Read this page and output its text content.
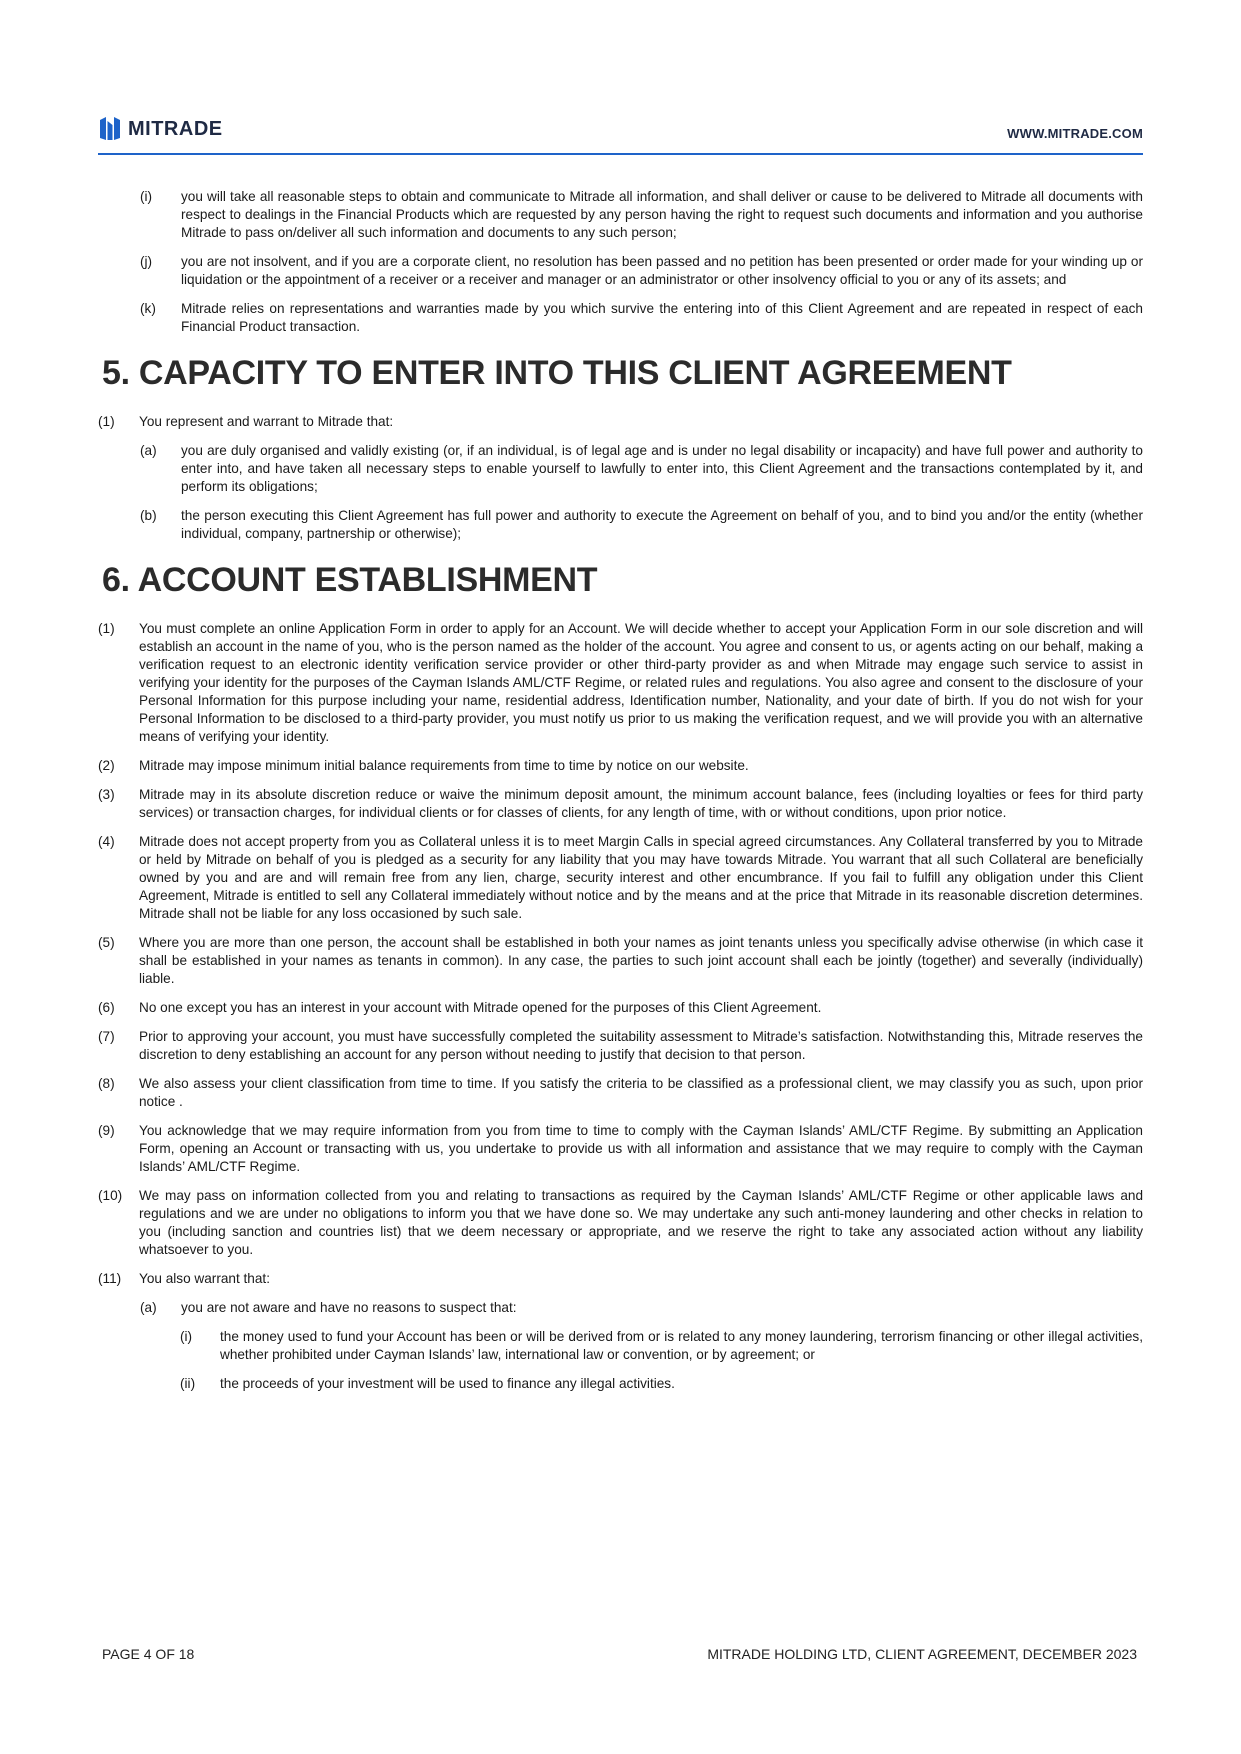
MITRADE	WWW.MITRADE.COM
(i)	you will take all reasonable steps to obtain and communicate to Mitrade all information, and shall deliver or cause to be delivered to Mitrade all documents with respect to dealings in the Financial Products which are requested by any person having the right to request such documents and information and you authorise Mitrade to pass on/deliver all such information and documents to any such person;
(j)	you are not insolvent, and if you are a corporate client, no resolution has been passed and no petition has been presented or order made for your winding up or liquidation or the appointment of a receiver or a receiver and manager or an administrator or other insolvency official to you or any of its assets; and
(k)	Mitrade relies on representations and warranties made by you which survive the entering into of this Client Agreement and are repeated in respect of each Financial Product transaction.
5. CAPACITY TO ENTER INTO THIS CLIENT AGREEMENT
(1)	You represent and warrant to Mitrade that:
(a)	you are duly organised and validly existing (or, if an individual, is of legal age and is under no legal disability or incapacity) and have full power and authority to enter into, and have taken all necessary steps to enable yourself to lawfully to enter into, this Client Agreement and the transactions contemplated by it, and perform its obligations;
(b)	the person executing this Client Agreement has full power and authority to execute the Agreement on behalf of you, and to bind you and/or the entity (whether individual, company, partnership or otherwise);
6. ACCOUNT ESTABLISHMENT
(1)	You must complete an online Application Form in order to apply for an Account. We will decide whether to accept your Application Form in our sole discretion and will establish an account in the name of you, who is the person named as the holder of the account. You agree and consent to us, or agents acting on our behalf, making a verification request to an electronic identity verification service provider or other third-party provider as and when Mitrade may engage such service to assist in verifying your identity for the purposes of the Cayman Islands AML/CTF Regime, or related rules and regulations. You also agree and consent to the disclosure of your Personal Information for this purpose including your name, residential address, Identification number, Nationality, and your date of birth. If you do not wish for your Personal Information to be disclosed to a third-party provider, you must notify us prior to us making the verification request, and we will provide you with an alternative means of verifying your identity.
(2)	Mitrade may impose minimum initial balance requirements from time to time by notice on our website.
(3)	Mitrade may in its absolute discretion reduce or waive the minimum deposit amount, the minimum account balance, fees (including loyalties or fees for third party services) or transaction charges, for individual clients or for classes of clients, for any length of time, with or without conditions, upon prior notice.
(4)	Mitrade does not accept property from you as Collateral unless it is to meet Margin Calls in special agreed circumstances. Any Collateral transferred by you to Mitrade or held by Mitrade on behalf of you is pledged as a security for any liability that you may have towards Mitrade. You warrant that all such Collateral are beneficially owned by you and are and will remain free from any lien, charge, security interest and other encumbrance. If you fail to fulfill any obligation under this Client Agreement, Mitrade is entitled to sell any Collateral immediately without notice and by the means and at the price that Mitrade in its reasonable discretion determines. Mitrade shall not be liable for any loss occasioned by such sale.
(5)	Where you are more than one person, the account shall be established in both your names as joint tenants unless you specifically advise otherwise (in which case it shall be established in your names as tenants in common). In any case, the parties to such joint account shall each be jointly (together) and severally (individually) liable.
(6)	No one except you has an interest in your account with Mitrade opened for the purposes of this Client Agreement.
(7)	Prior to approving your account, you must have successfully completed the suitability assessment to Mitrade’s satisfaction. Notwithstanding this, Mitrade reserves the discretion to deny establishing an account for any person without needing to justify that decision to that person.
(8)	We also assess your client classification from time to time. If you satisfy the criteria to be classified as a professional client, we may classify you as such, upon prior notice .
(9)	You acknowledge that we may require information from you from time to time to comply with the Cayman Islands’ AML/CTF Regime. By submitting an Application Form, opening an Account or transacting with us, you undertake to provide us with all information and assistance that we may require to comply with the Cayman Islands’ AML/CTF Regime.
(10)	We may pass on information collected from you and relating to transactions as required by the Cayman Islands’ AML/CTF Regime or other applicable laws and regulations and we are under no obligations to inform you that we have done so. We may undertake any such anti-money laundering and other checks in relation to you (including sanction and countries list) that we deem necessary or appropriate, and we reserve the right to take any associated action without any liability whatsoever to you.
(11)	You also warrant that:
(a)	you are not aware and have no reasons to suspect that:
(i)	the money used to fund your Account has been or will be derived from or is related to any money laundering, terrorism financing or other illegal activities, whether prohibited under Cayman Islands’ law, international law or convention, or by agreement; or
(ii)	the proceeds of your investment will be used to finance any illegal activities.
PAGE 4 OF 18	MITRADE HOLDING LTD, CLIENT AGREEMENT, DECEMBER 2023
